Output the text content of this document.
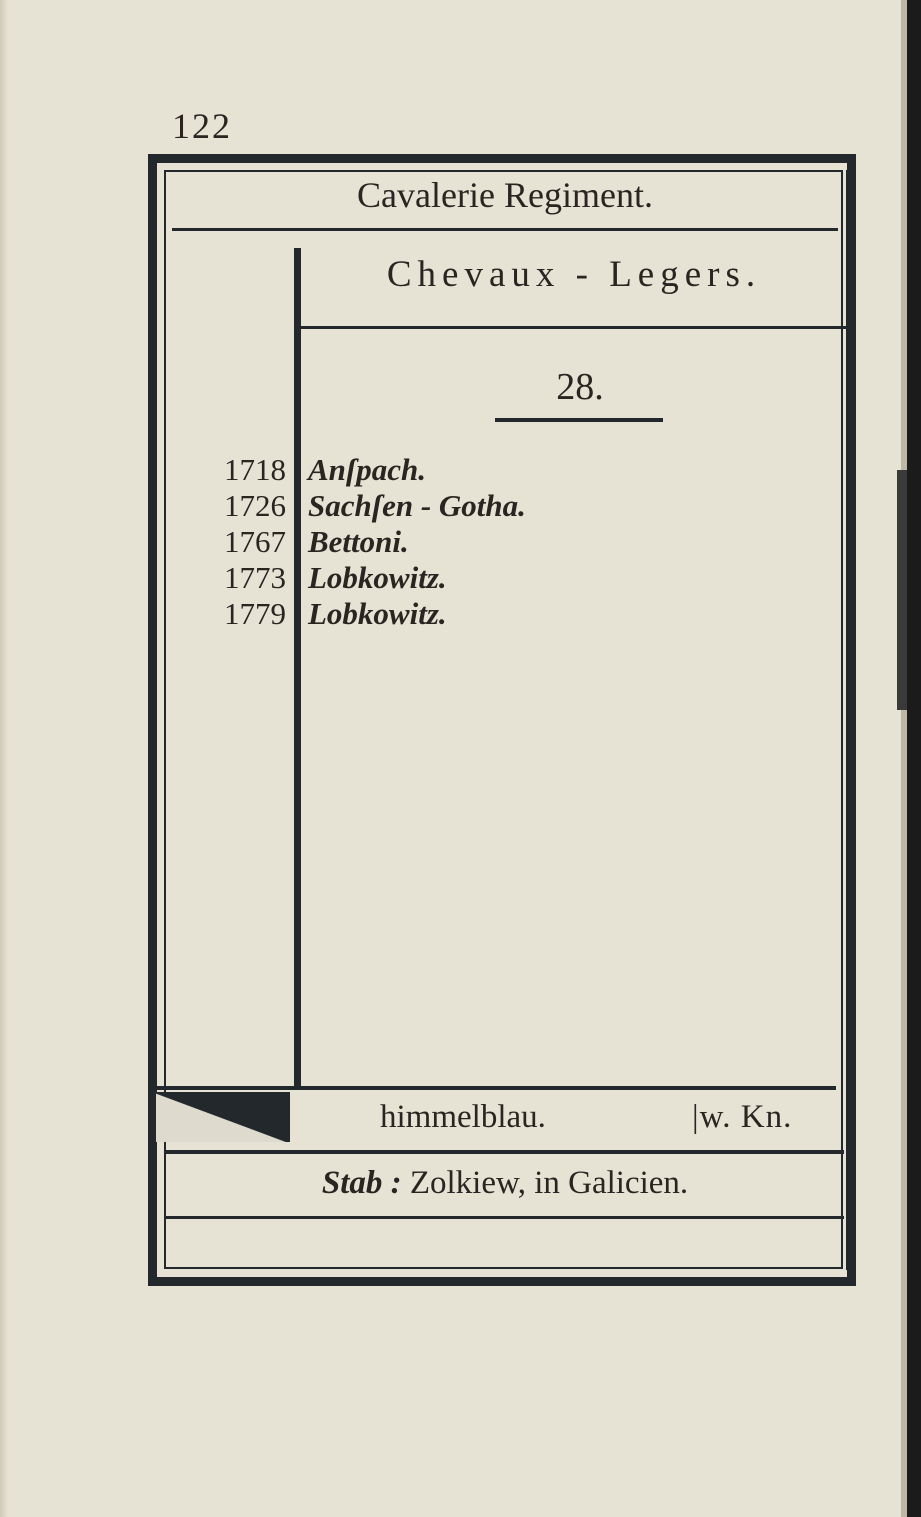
122
Cavalerie Regiment.
Chevaux - Legers.
28.
1718
1726
1767
1773
1779
Anſpach.
Sachſen - Gotha.
Bettoni.
Lobkowitz.
Lobkowitz.
himmelblau.	|w. Kn.
Stab : Zolkiew, in Galicien.
